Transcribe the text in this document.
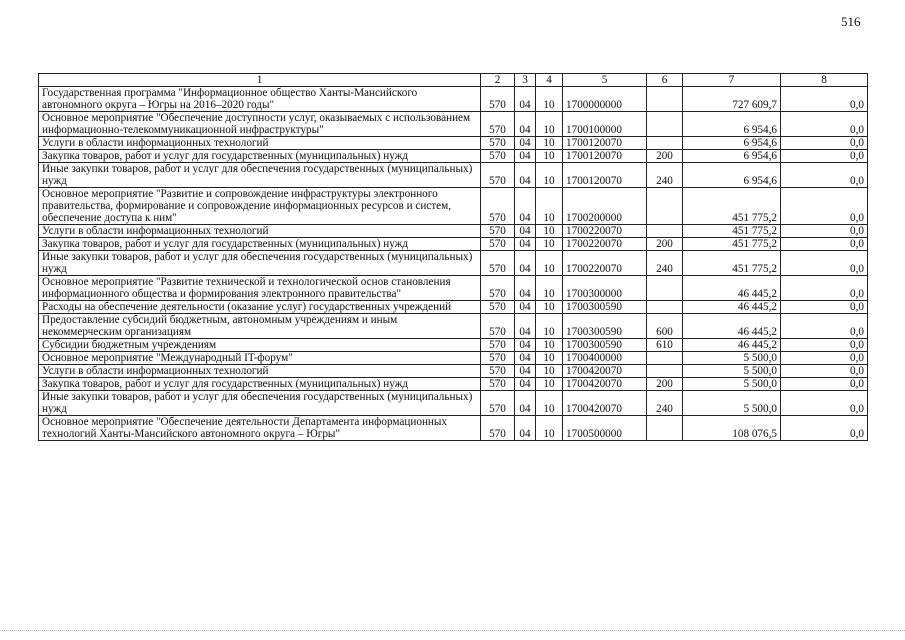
516
1	2	3	4	5	6	7	8
Государственная программа "Информационное общество Ханты-Мансийского автономного округа – Югры на 2016–2020 годы"	570	04	10	1700000000		727 609,7	0,0
Основное мероприятие "Обеспечение доступности услуг, оказываемых с использованием информационно-телекоммуникационной инфраструктуры"	570	04	10	1700100000		6 954,6	0,0
Услуги в области информационных технологий	570	04	10	1700120070		6 954,6	0,0
Закупка товаров, работ и услуг для государственных (муниципальных) нужд	570	04	10	1700120070	200	6 954,6	0,0
Иные закупки товаров, работ и услуг для обеспечения государственных (муниципальных) нужд	570	04	10	1700120070	240	6 954,6	0,0
Основное мероприятие "Развитие и сопровождение инфраструктуры электронного правительства, формирование и сопровождение информационных ресурсов и систем, обеспечение доступа к ним"	570	04	10	1700200000		451 775,2	0,0
Услуги в области информационных технологий	570	04	10	1700220070		451 775,2	0,0
Закупка товаров, работ и услуг для государственных (муниципальных) нужд	570	04	10	1700220070	200	451 775,2	0,0
Иные закупки товаров, работ и услуг для обеспечения государственных (муниципальных) нужд	570	04	10	1700220070	240	451 775,2	0,0
Основное мероприятие "Развитие технической и технологической основ становления информационного общества и формирования электронного правительства"	570	04	10	1700300000		46 445,2	0,0
Расходы на обеспечение деятельности (оказание услуг) государственных учреждений	570	04	10	1700300590		46 445,2	0,0
Предоставление субсидий бюджетным, автономным учреждениям и иным некоммерческим организациям	570	04	10	1700300590	600	46 445,2	0,0
Субсидии бюджетным учреждениям	570	04	10	1700300590	610	46 445,2	0,0
Основное мероприятие "Международный IT-форум"	570	04	10	1700400000		5 500,0	0,0
Услуги в области информационных технологий	570	04	10	1700420070		5 500,0	0,0
Закупка товаров, работ и услуг для государственных (муниципальных) нужд	570	04	10	1700420070	200	5 500,0	0,0
Иные закупки товаров, работ и услуг для обеспечения государственных (муниципальных) нужд	570	04	10	1700420070	240	5 500,0	0,0
Основное мероприятие "Обеспечение деятельности Департамента информационных технологий Ханты-Мансийского автономного округа – Югры"	570	04	10	1700500000		108 076,5	0,0
